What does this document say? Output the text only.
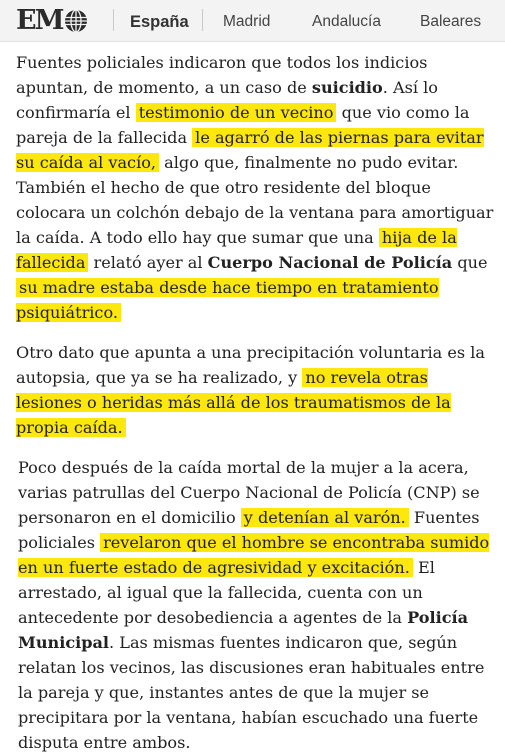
EM	España Madrid	Andalucía	Baleares

Fuentes policiales indicaron que todos los indicios apuntan, de momento, a un caso de suicidio. Así lo confirmaría el testimonio de un vecino que vio como la pareja de la fallecida le agarró de las piernas para evitar su caída al vacío, algo que, finalmente no pudo evitar. También el hecho de que otro residente del bloque colocara un colchón debajo de la ventana para amortiguar la caída. A todo ello hay que sumar que una hija de la fallecida relató ayer al Cuerpo Nacional de Policía que su madre estaba desde hace tiempo en tratamiento psiquiátrico.

Otro dato que apunta a una precipitación voluntaria es la autopsia, que ya se ha realizado, y no revela otras lesiones o heridas más allá de los traumatismos de la propia caída.

Poco después de la caída mortal de la mujer a la acera, varias patrullas del Cuerpo Nacional de Policía (CNP) se personaron en el domicilio y detenían al varón. Fuentes policiales revelaron que el hombre se encontraba sumido en un fuerte estado de agresividad y excitación. El arrestado, al igual que la fallecida, cuenta con un antecedente por desobediencia a agentes de la Policía Municipal. Las mismas fuentes indicaron que, según relatan los vecinos, las discusiones eran habituales entre la pareja y que, instantes antes de que la mujer se precipitara por la ventana, habían escuchado una fuerte disputa entre ambos.
